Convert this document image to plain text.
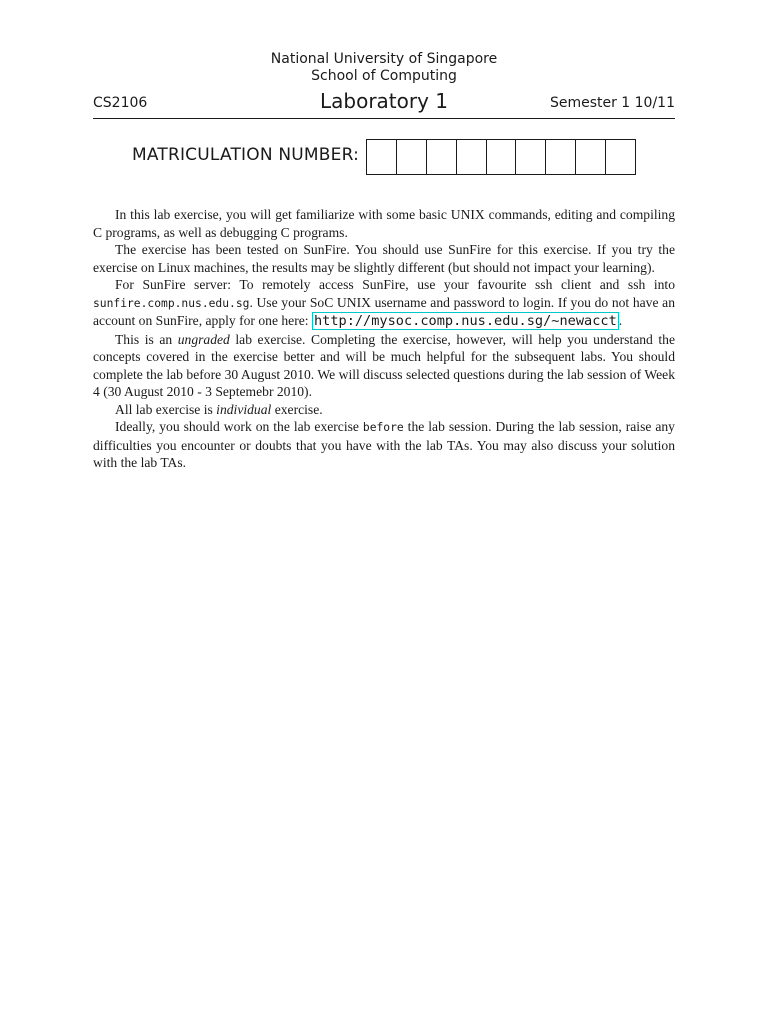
National University of Singapore
School of Computing
CS2106	Laboratory 1	Semester 1 10/11
MATRICULATION NUMBER:

In this lab exercise, you will get familiarize with some basic UNIX commands, editing and compiling C programs, as well as debugging C programs.

The exercise has been tested on SunFire. You should use SunFire for this exercise. If you try the exercise on Linux machines, the results may be slightly different (but should not impact your learning).

For SunFire server: To remotely access SunFire, use your favourite ssh client and ssh into sunfire.comp.nus.edu.sg. Use your SoC UNIX username and password to login. If you do not have an account on SunFire, apply for one here: http://mysoc.comp.nus.edu.sg/~newacct .

This is an ungraded lab exercise. Completing the exercise, however, will help you understand the concepts covered in the exercise better and will be much helpful for the subsequent labs. You should complete the lab before 30 August 2010. We will discuss selected questions during the lab session of Week 4 (30 August 2010 - 3 Septemebr 2010).

All lab exercise is individual exercise.

Ideally, you should work on the lab exercise before the lab session. During the lab session, raise any difficulties you encounter or doubts that you have with the lab TAs. You may also discuss your solution with the lab TAs.
